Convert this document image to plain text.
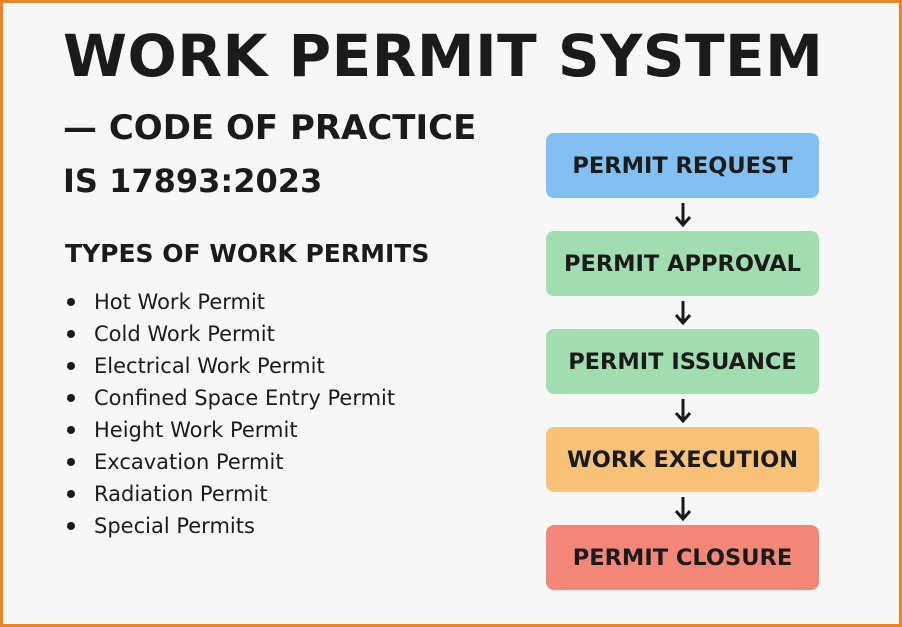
WORK PERMIT SYSTEM
— CODE OF PRACTICE
IS 17893:2023
TYPES OF WORK PERMITS
Hot Work Permit
Cold Work Permit
Electrical Work Permit
Confined Space Entry Permit
Height Work Permit
Excavation Permit
Radiation Permit
Special Permits
PERMIT REQUEST
PERMIT APPROVAL
PERMIT ISSUANCE
WORK EXECUTION
PERMIT CLOSURE
